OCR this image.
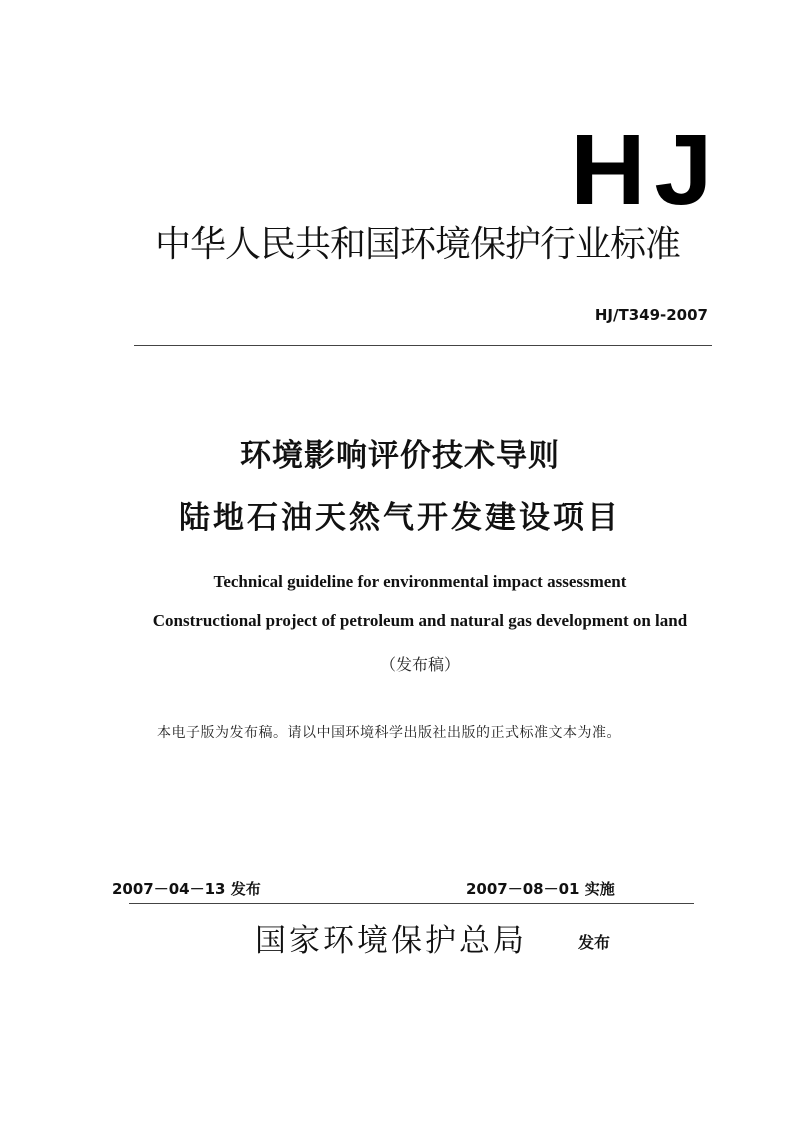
HJ
中华人民共和国环境保护行业标准
HJ/T349-2007
环境影响评价技术导则
陆地石油天然气开发建设项目
Technical guideline for environmental impact assessment
Constructional project of petroleum and natural gas development on land
（发布稿）
本电子版为发布稿。请以中国环境科学出版社出版的正式标准文本为准。
2007－04－13 发布	2007－08－01 实施
国家环境保护总局	发布
